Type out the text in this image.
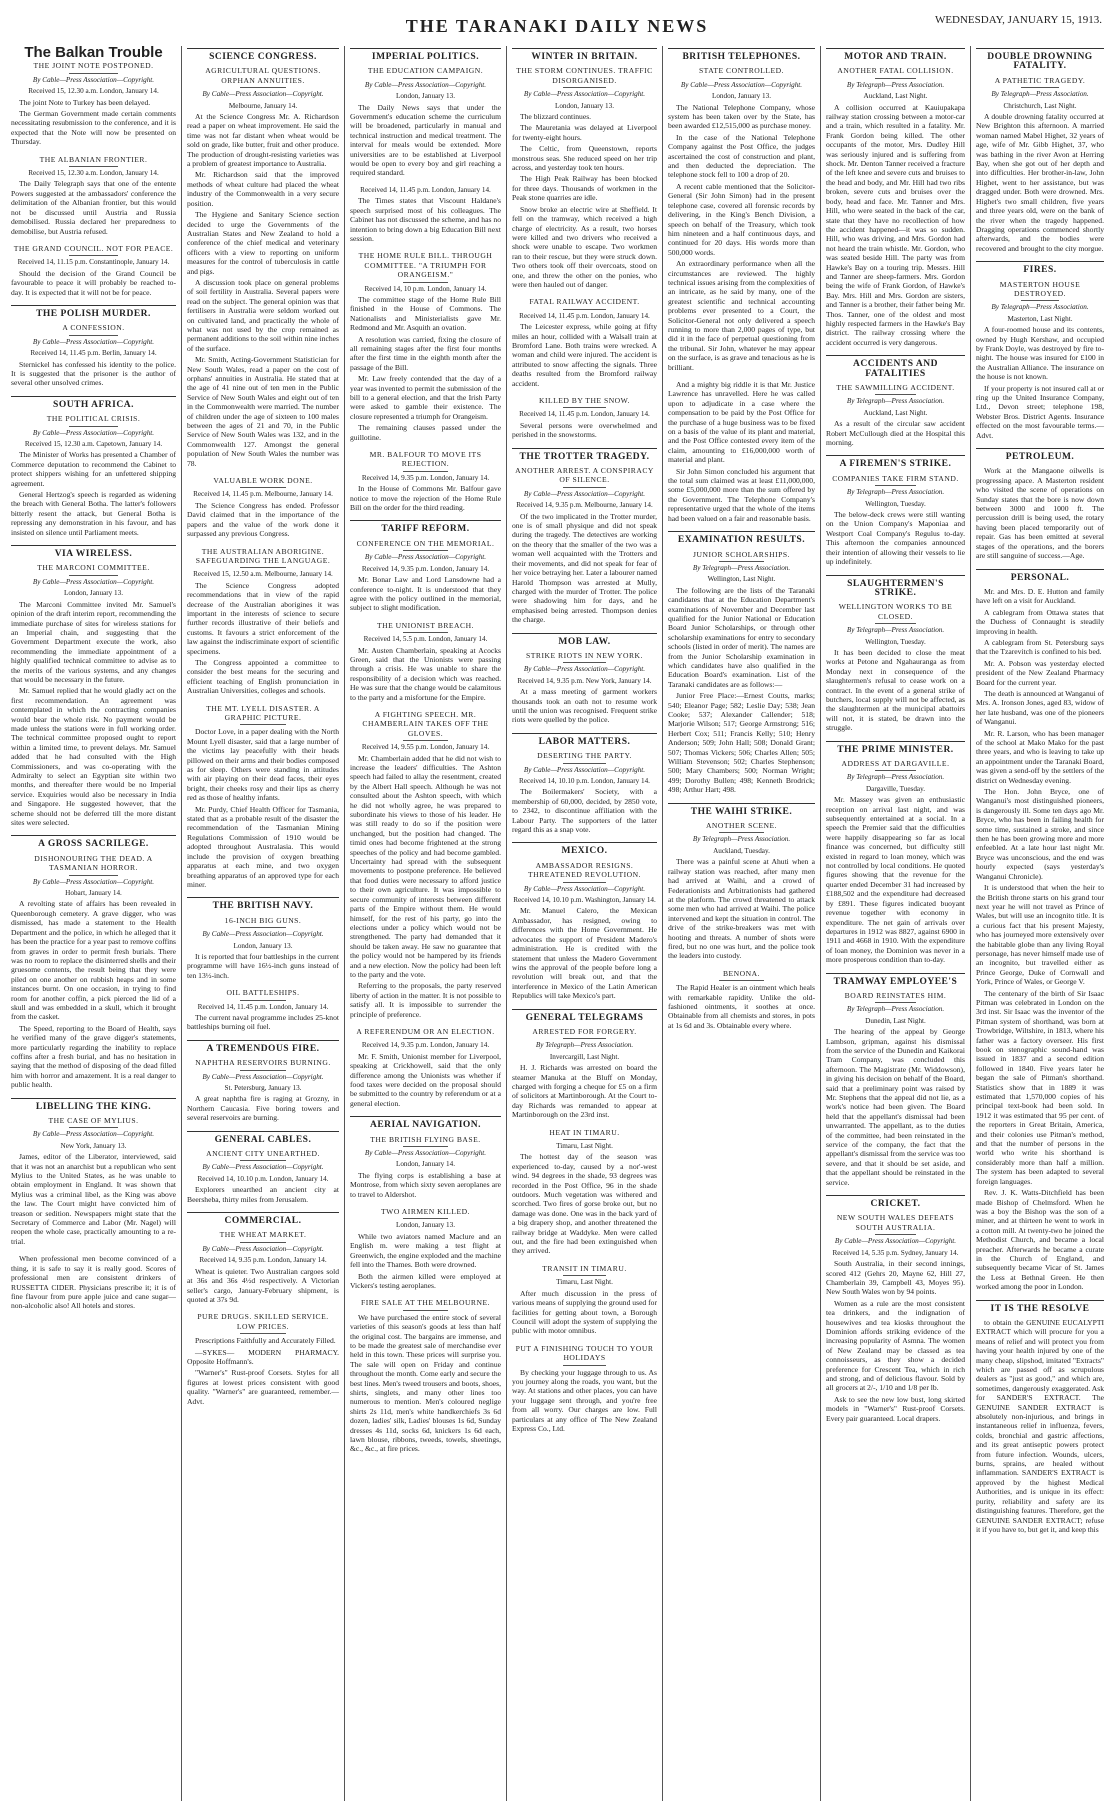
THE TARANAKI DAILY NEWS	WEDNESDAY, JANUARY 15, 1913.
The Balkan Trouble
THE JOINT NOTE POSTPONED.
By Cable—Press Association—Copyright.
Received 15, 12.30 a.m. London, January 14.

The joint Note to Turkey has been delayed.

The German Government made certain comments necessitating resubmission to the conference, and it is expected that the Note will now be presented on Thursday.

THE ALBANIAN FRONTIER.
Received 15, 12.30 a.m. London, January 14.

The Daily Telegraph says that one of the entente Powers suggested at the ambassadors' conference the delimitation of the Albanian frontier, but this would not be discussed until Austria and Russia demobilised. Russia declared her preparedness to demobilise, but Austria refused.

THE GRAND COUNCIL. NOT FOR PEACE.
Received 14, 11.15 p.m. Constantinople, January 14.

Should the decision of the Grand Council be favourable to peace it will probably be reached to-day. It is expected that it will not be for peace.

THE POLISH MURDER.
A CONFESSION.
By Cable—Press Association—Copyright.
Received 14, 11.45 p.m. Berlin, January 14.

Sternickel has confessed his identity to the police. It is suggested that the prisoner is the author of several other unsolved crimes.

SOUTH AFRICA.
THE POLITICAL CRISIS.
By Cable—Press Association—Copyright.
Received 15, 12.30 a.m. Capetown, January 14.

The Minister of Works has presented a Chamber of Commerce deputation to recommend the Cabinet to protect shippers wishing for an unfettered shipping agreement.

General Hertzog's speech is regarded as widening the breach with General Botha. The latter's followers bitterly resent the attack, but General Botha is repressing any demonstration in his favour, and has insisted on silence until Parliament meets.

VIA WIRELESS.
THE MARCONI COMMITTEE.
By Cable—Press Association—Copyright.
London, January 13.

The Marconi Committee invited Mr. Samuel's opinion of the draft interim report, recommending the immediate purchase of sites for wireless stations for an Imperial chain, and suggesting that the Government Department execute the work, also recommending the immediate appointment of a highly qualified technical committee to advise as to the merits of the various systems, and any changes that would be necessary in the future.

Mr. Samuel replied that he would gladly act on the first recommendation. An agreement was contemplated in which the contracting companies would bear the whole risk. No payment would be made unless the stations were in full working order. The technical committee proposed ought to report within a limited time, to prevent delays. Mr. Samuel added that he had consulted with the High Commissioners, and was co-operating with the Admiralty to select an Egyptian site within two months, and thereafter there would be no Imperial service. Exquiries would also be necessary in India and Singapore. He suggested however, that the scheme should not be deferred till the more distant sites were selected.

A GROSS SACRILEGE.
DISHONOURING THE DEAD. A TASMANIAN HORROR.
By Cable—Press Association—Copyright.
Hobart, January 14.

A revolting state of affairs has been revealed in Queenborough cemetery. A grave digger, who was dismissed, has made a statement to the Health Department and the police, in which he alleged that it has been the practice for a year past to remove coffins from graves in order to permit fresh burials. There was no room to replace the disinterred shells and their gruesome contents, the result being that they were piled on one another on rubbish heaps and in some instances burnt. On one occasion, in trying to find room for another coffin, a pick pierced the lid of a skull and was embedded in a skull, which it brought from the casket.

The Speed, reporting to the Board of Health, says he verified many of the grave digger's statements, more particularly regarding the inability to replace coffins after a fresh burial, and has no hesitation in saying that the method of disposing of the dead filled him with horror and amazement. It is a real danger to public health.

LIBELLING THE KING.
THE CASE OF MYLIUS.
By Cable—Press Association—Copyright.
New York, January 13.

James, editor of the Liberator, interviewed, said that it was not an anarchist but a republican who sent Mylius to the United States, as he was unable to obtain employment in England. It was shown that Mylius was a criminal libel, as the King was above the law. The Court might have convicted him of treason or sedition. Newspapers might state that the Secretary of Commerce and Labor (Mr. Nagel) will reopen the whole case, practically amounting to a re-trial.

When professional men become convinced of a thing, it is safe to say it is really good. Scores of professional men are consistent drinkers of RUSSETTA CIDER. Physicians prescribe it; it is of fine flavour from pure apple juice and cane sugar—non-alcoholic also! All hotels and stores.

SCIENCE CONGRESS.
AGRICULTURAL QUESTIONS. ORPHAN ANNUITIES.
By Cable—Press Association—Copyright.
Melbourne, January 14.

At the Science Congress Mr. A. Richardson read a paper on wheat improvement. He said the time was not far distant when wheat would be sold on grade, like butter, fruit and other produce. The production of drought-resisting varieties was a problem of greatest importance to Australia.

Mr. Richardson said that the improved methods of wheat culture had placed the wheat industry of the Commonwealth in a very secure position.

The Hygiene and Sanitary Science section decided to urge the Governments of the Australian States and New Zealand to hold a conference of the chief medical and veterinary officers with a view to reporting on uniform measures for the control of tuberculosis in cattle and pigs.

A discussion took place on general problems of soil fertility in Australia. Several papers were read on the subject. The general opinion was that fertilisers in Australia were seldom worked out on cultivated land, and practically the whole of what was not used by the crop remained as permanent additions to the soil within nine inches of the surface.

Mr. Smith, Acting-Government Statistician for New South Wales, read a paper on the cost of orphans' annuities in Australia. He stated that at the age of 41 nine out of ten men in the Public Service of New South Wales and eight out of ten in the Commonwealth were married. The number of children under the age of sixteen to 100 males between the ages of 21 and 70, in the Public Service of New South Wales was 132, and in the Commonwealth 127. Amongst the general population of New South Wales the number was 78.

VALUABLE WORK DONE.
Received 14, 11.45 p.m. Melbourne, January 14.

The Science Congress has ended. Professor David claimed that in the importance of the papers and the value of the work done it surpassed any previous Congress.

THE AUSTRALIAN ABORIGINE. SAFEGUARDING THE LANGUAGE.
Received 15, 12.50 a.m. Melbourne, January 14.

The Science Congress adopted recommendations that in view of the rapid decrease of the Australian aborigines it was important in the interests of science to secure further records illustrative of their beliefs and customs. It favours a strict enforcement of the law against the indiscriminate export of scientific specimens.

The Congress appointed a committee to consider the best means for the securing and efficient teaching of English pronunciation in Australian Universities, colleges and schools.

THE MT. LYELL DISASTER. A GRAPHIC PICTURE.

Doctor Love, in a paper dealing with the North Mount Lyell disaster, said that a large number of the victims lay peacefully with their heads pillowed on their arms and their bodies composed as for sleep. Others were standing in attitudes with air playing on their dead faces, their eyes bright, their cheeks rosy and their lips as cherry red as those of healthy infants.

Mr. Purdy, Chief Health Officer for Tasmania, stated that as a probable result of the disaster the recommendation of the Tasmanian Mining Regulations Commission of 1910 would be adopted throughout Australasia. This would include the provision of oxygen breathing apparatus at each mine, and two oxygen breathing apparatus of an approved type for each miner.

THE BRITISH NAVY.
16-INCH BIG GUNS.
By Cable—Press Association—Copyright.
London, January 13.

It is reported that four battleships in the current programme will have 16½-inch guns instead of ten 13½-inch.

OIL BATTLESHIPS.
Received 14, 11.45 p.m. London, January 14.

The current naval programme includes 25-knot battleships burning oil fuel.

A TREMENDOUS FIRE.
NAPHTHA RESERVOIRS BURNING.
By Cable—Press Association—Copyright.
St. Petersburg, January 13.

A great naphtha fire is raging at Grozny, in Northern Caucasia. Five boring towers and several reservoirs are burning.

GENERAL CABLES.
ANCIENT CITY UNEARTHED.
By Cable—Press Association—Copyright.
Received 14, 10.10 p.m. London, January 14.

Explorers unearthed an ancient city at Beersheba, thirty miles from Jerusalem.

COMMERCIAL.
THE WHEAT MARKET.
By Cable—Press Association—Copyright.
Received 14, 9.35 p.m. London, January 14.

Wheat is quieter. Two Australian cargoes sold at 36s and 36s 4½d respectively. A Victorian seller's cargo, January-February shipment, is quoted at 37s 9d.

PURE DRUGS. SKILLED SERVICE. LOW PRICES.

Prescriptions Faithfully and Accurately Filled.

—SYKES— MODERN PHARMACY. Opposite Hoffmann's.

"Warner's" Rust-proof Corsets. Styles for all figures at lowest prices consistent with good quality. "Warner's" are guaranteed, remember.—Advt.

IMPERIAL POLITICS.
THE EDUCATION CAMPAIGN.
By Cable—Press Association—Copyright.
London, January 13.

The Daily News says that under the Government's education scheme the curriculum will be broadened, particularly in manual and technical instruction and medical treatment. The interval for meals would be extended. More universities are to be established at Liverpool would be open to every boy and girl reaching a required standard.

Received 14, 11.45 p.m. London, January 14.

The Times states that Viscount Haldane's speech surprised most of his colleagues. The Cabinet has not discussed the scheme, and has no intention to bring down a big Education Bill next session.

THE HOME RULE BILL. THROUGH COMMITTEE. "A TRIUMPH FOR ORANGEISM."
Received 14, 10 p.m. London, January 14.

The committee stage of the Home Rule Bill finished in the House of Commons. The Nationalists and Ministerialists gave Mr. Redmond and Mr. Asquith an ovation.

A resolution was carried, fixing the closure of all remaining stages after the first four months after the first time in the eighth month after the passage of the Bill.

Mr. Law freely contended that the day of a year was invented to permit the submission of the bill to a general election, and that the Irish Party were asked to gamble their existence. The closure represented a triumph for Orangeism.

The remaining clauses passed under the guillotine.

MR. BALFOUR TO MOVE ITS REJECTION.
Received 14, 9.35 p.m. London, January 14.

In the House of Commons Mr. Balfour gave notice to move the rejection of the Home Rule Bill on the order for the third reading.

TARIFF REFORM.
CONFERENCE ON THE MEMORIAL.
By Cable—Press Association—Copyright.
Received 14, 9.35 p.m. London, January 14.

Mr. Bonar Law and Lord Lansdowne had a conference to-night. It is understood that they agree with the policy outlined in the memorial, subject to slight modification.

THE UNIONIST BREACH.
Received 14, 5.5 p.m. London, January 14.

Mr. Austen Chamberlain, speaking at Acocks Green, said that the Unionists were passing through a crisis. He was unable to share the responsibility of a decision which was reached. He was sure that the change would be calamitous to the party and a misfortune for the Empire.

A FIGHTING SPEECH. MR. CHAMBERLAIN TAKES OFF THE GLOVES.
Received 14, 9.55 p.m. London, January 14.

Mr. Chamberlain added that he did not wish to increase the leaders' difficulties. The Ashton speech had failed to allay the resentment, created by the Albert Hall speech. Although he was not consulted about the Ashton speech, with which he did not wholly agree, he was prepared to subordinate his views to those of his leader. He was still ready to do so if the position were unchanged, but the position had changed. The timid ones had become frightened at the strong speeches of the policy and had become gambled. Uncertainty had spread with the subsequent movements to postpone preference. He believed that food duties were necessary to afford justice to their own agriculture. It was impossible to secure community of interests between different parts of the Empire without them. He would himself, for the rest of his party, go into the elections under a policy which would not be strengthened. The party had demanded that it should be taken away. He saw no guarantee that the policy would not be hampered by its friends and a new election. Now the policy had been left to the party and the vote.

Referring to the proposals, the party reserved liberty of action in the matter. It is not possible to satisfy all. It is impossible to surrender the principle of preference.

A REFERENDUM OR AN ELECTION.
Received 14, 9.35 p.m. London, January 14.

Mr. F. Smith, Unionist member for Liverpool, speaking at Crickhowell, said that the only difference among the Unionists was whether if food taxes were decided on the proposal should be submitted to the country by referendum or at a general election.

AERIAL NAVIGATION.
THE BRITISH FLYING BASE.
By Cable—Press Association—Copyright.
London, January 14.

The flying corps is establishing a base at Montrose, from which sixty seven aeroplanes are to travel to Aldershot.

TWO AIRMEN KILLED.
London, January 13.

While two aviators named Maclure and an English m. were making a test flight at Greenwich, the engine exploded and the machine fell into the Thames. Both were drowned.

Both the airmen killed were employed at Vickers's testing aeroplanes.

FIRE SALE AT THE MELBOURNE.

We have purchased the entire stock of several varieties of this season's goods at less than half the original cost. The bargains are immense, and to be made the greatest sale of merchandise ever held in this town. These prices will surprise you. The sale will open on Friday and continue throughout the month. Come early and secure the best lines. Men's tweed trousers and boots, shoes, shirts, singlets, and many other lines too numerous to mention. Men's coloured neglige shirts 2s 11d, men's white handkerchiefs 3s 6d dozen, ladies' silk, Ladies' blouses 1s 6d, Sunday dresses 4s 11d, socks 6d, knickers 1s 6d each, lawn blouse, ribbons, tweeds, towels, sheetings, &c., &c., at fire prices.

WINTER IN BRITAIN.
THE STORM CONTINUES. TRAFFIC DISORGANISED.
By Cable—Press Association—Copyright.
London, January 13.

The blizzard continues.

The Mauretania was delayed at Liverpool for twenty-eight hours.

The Celtic, from Queenstown, reports monstrous seas. She reduced speed on her trip across, and yesterday took ten hours.

The High Peak Railway has been blocked for three days. Thousands of workmen in the Peak stone quarries are idle.

Snow broke an electric wire at Sheffield. It fell on the tramway, which received a high charge of electricity. As a result, two horses were killed and two drivers who received a shock were unable to escape. Two workmen ran to their rescue, but they were struck down. Two others took off their overcoats, stood on one, and threw the other on the ponies, who were then hauled out of danger.

FATAL RAILWAY ACCIDENT.
Received 14, 11.45 p.m. London, January 14.

The Leicester express, while going at fifty miles an hour, collided with a Walsall train at Bromford Lane. Both trains were wrecked. A woman and child were injured. The accident is attributed to snow affecting the signals. Three deaths resulted from the Bromford railway accident.

KILLED BY THE SNOW.
Received 14, 11.45 p.m. London, January 14.

Several persons were overwhelmed and perished in the snowstorms.

THE TROTTER TRAGEDY.
ANOTHER ARREST. A CONSPIRACY OF SILENCE.
By Cable—Press Association—Copyright.
Received 14, 9.35 p.m. Melbourne, January 14.

Of the two implicated in the Trotter murder, one is of small physique and did not speak during the tragedy. The detectives are working on the theory that the smaller of the two was a woman well acquainted with the Trotters and their movements, and did not speak for fear of her voice betraying her. Later a labourer named Harold Thompson was arrested at Mully, charged with the murder of Trotter. The police were shadowing him for days, and he emphasised being arrested. Thompson denies the charge.

MOB LAW.
STRIKE RIOTS IN NEW YORK.
By Cable—Press Association—Copyright.
Received 14, 9.35 p.m. New York, January 14.

At a mass meeting of garment workers thousands took an oath not to resume work until the union was recognised. Frequent strike riots were quelled by the police.

LABOR MATTERS.
DESERTING THE PARTY.
By Cable—Press Association—Copyright.
Received 14, 10.10 p.m. London, January 14.

The Boilermakers' Society, with a membership of 60,000, decided, by 2850 vote, to 2342, to discontinue affiliation with the Labour Party. The supporters of the latter regard this as a snap vote.

MEXICO.
AMBASSADOR RESIGNS. THREATENED REVOLUTION.
By Cable—Press Association—Copyright.
Received 14, 10.10 p.m. Washington, January 14.

Mr. Manuel Calero, the Mexican Ambassador, has resigned, owing to differences with the Home Government. He advocates the support of President Madero's administration. He is credited with the statement that unless the Madero Government wins the approval of the people before long a revolution will break out, and that the interference in Mexico of the Latin American Republics will take Mexico's part.

GENERAL TELEGRAMS
ARRESTED FOR FORGERY.
By Telegraph—Press Association.
Invercargill, Last Night.

H. J. Richards was arrested on board the steamer Manuka at the Bluff on Monday, charged with forging a cheque for £5 on a firm of solicitors at Martinborough. At the Court to-day Richards was remanded to appear at Martinborough on the 23rd inst.

HEAT IN TIMARU.
Timaru, Last Night.

The hottest day of the season was experienced to-day, caused by a nor'-west wind. 94 degrees in the shade, 93 degrees was recorded in the Post Office, 96 in the shade outdoors. Much vegetation was withered and scorched. Two fires of gorse broke out, but no damage was done. One was in the back yard of a big drapery shop, and another threatened the railway bridge at Waddyke. Men were called out, and the fire had been extinguished when they arrived.

TRANSIT IN TIMARU.
Timaru, Last Night.

After much discussion in the press of various means of supplying the ground used for facilities for getting about town, a Borough Council will adopt the system of supplying the public with motor omnibus.

PUT A FINISHING TOUCH TO YOUR HOLIDAYS

By checking your luggage through to us. As you journey along the roads, you want, but the way. At stations and other places, you can have your luggage sent through, and you're free from all worry. Our charges are low. Full particulars at any office of The New Zealand Express Co., Ltd.

BRITISH TELEPHONES.
STATE CONTROLLED.
By Cable—Press Association—Copyright.
London, January 13.

The National Telephone Company, whose system has been taken over by the State, has been awarded £12,515,000 as purchase money.

In the case of the National Telephone Company against the Post Office, the judges ascertained the cost of construction and plant, and then deducted the depreciation. The telephone stock fell to 100 a drop of 20.

A recent cable mentioned that the Solicitor-General (Sir John Simon) had in the present telephone case, covered all forensic records by delivering, in the King's Bench Division, a speech on behalf of the Treasury, which took him nineteen and a half continuous days, and continued for 20 days. His words more than 500,000 words.

An extraordinary performance when all the circumstances are reviewed. The highly technical issues arising from the complexities of an intricate, as he said by many, one of the greatest scientific and technical accounting problems ever presented to a Court, the Solicitor-General not only delivered a speech running to more than 2,000 pages of type, but did it in the face of perpetual questioning from the tribunal. Sir John, whatever he may appear on the surface, is as grave and tenacious as he is brilliant.

And a mighty big riddle it is that Mr. Justice Lawrence has unravelled. Here he was called upon to adjudicate in a case where the compensation to be paid by the Post Office for the purchase of a huge business was to be fixed on a basis of the value of its plant and material, and the Post Office contested every item of the claim, amounting to £16,000,000 worth of material and plant.

Sir John Simon concluded his argument that the total sum claimed was at least £11,000,000, some £5,000,000 more than the sum offered by the Government. The Telephone Company's representative urged that the whole of the items had been valued on a fair and reasonable basis.

EXAMINATION RESULTS.
JUNIOR SCHOLARSHIPS.
By Telegraph—Press Association.
Wellington, Last Night.

The following are the lists of the Taranaki candidates that at the Education Department's examinations of November and December last qualified for the Junior National or Education Board Junior Scholarships, or through other scholarship examinations for entry to secondary schools (listed in order of merit). The names are from the Junior Scholarship examination in which candidates have also qualified in the Education Board's examination. List of the Taranaki candidates are as follows:—

Junior Free Place:—Ernest Coutts, marks; 540; Eleanor Page; 582; Leslie Day; 538; Jean Cooke; 537; Alexander Callender; 518; Marjorie Wilson; 517; George Armstrong; 516; Herbert Cox; 511; Francis Kelly; 510; Henry Anderson; 509; John Hall; 508; Donald Grant; 507; Thomas Vickers; 506; Charles Allen; 505; William Stevenson; 502; Charles Stephenson; 500; Mary Chambers; 500; Norman Wright; 499; Dorothy Bullen; 498; Kenneth Brodrick; 498; Arthur Hart; 498.

THE WAIHI STRIKE.
ANOTHER SCENE.
By Telegraph—Press Association.
Auckland, Tuesday.

There was a painful scene at Ahuti when a railway station was reached, after many men had arrived at Waihi, and a crowd of Federationists and Arbitrationists had gathered at the platform. The crowd threatened to attack some men who had arrived at Waihi. The police intervened and kept the situation in control. The drive of the strike-breakers was met with hooting and threats. A number of shots were fired, but no one was hurt, and the police took the leaders into custody.

BENONA.

The Rapid Healer is an ointment which heals with remarkable rapidity. Unlike the old-fashioned ointments, it soothes at once. Obtainable from all chemists and stores, in pots at 1s 6d and 3s. Obtainable every where.

MOTOR AND TRAIN.
ANOTHER FATAL COLLISION.
By Telegraph—Press Association.
Auckland, Last Night.

A collision occurred at Kauiupakapa railway station crossing between a motor-car and a train, which resulted in a fatality. Mr. Frank Gordon being killed. The other occupants of the motor, Mrs. Dudley Hill was seriously injured and is suffering from shock. Mr. Denton Tanner received a fracture of the left knee and severe cuts and bruises to the head and body, and Mr. Hill had two ribs broken, severe cuts and bruises over the body, head and face. Mr. Tanner and Mrs. Hill, who were seated in the back of the car, state that they have no recollection of how the accident happened—it was so sudden. Hill, who was driving, and Mrs. Gordon had not heard the train whistle. Mr. Gordon, who was seated beside Hill. The party was from Hawke's Bay on a touring trip. Messrs. Hill and Tanner are sheep-farmers. Mrs. Gordon being the wife of Frank Gordon, of Hawke's Bay. Mrs. Hill and Mrs. Gordon are sisters, and Tanner is a brother, their father being Mr. Thos. Tanner, one of the oldest and most highly respected farmers in the Hawke's Bay district. The railway crossing where the accident occurred is very dangerous.

ACCIDENTS AND FATALITIES
THE SAWMILLING ACCIDENT.
By Telegraph—Press Association.
Auckland, Last Night.

As a result of the circular saw accident Robert McCullough died at the Hospital this morning.

A FIREMEN'S STRIKE.
COMPANIES TAKE FIRM STAND.
By Telegraph—Press Association.
Wellington, Tuesday.

The below-deck crews were still wanting on the Union Company's Maponiaa and Westport Coal Company's Regulus to-day. This afternoon the companies announced their intention of allowing their vessels to lie up indefinitely.

SLAUGHTERMEN'S STRIKE.
WELLINGTON WORKS TO BE CLOSED.
By Telegraph—Press Association.
Wellington, Tuesday.

It has been decided to close the meat works at Petone and Ngahauranga as from Monday next in consequence of the slaughtermen's refusal to cease work on a contract. In the event of a general strike of butchers, local supply will not be affected, as the slaughtermen at the municipal abattoirs will not, it is stated, be drawn into the struggle.

THE PRIME MINISTER.
ADDRESS AT DARGAVILLE.
By Telegraph—Press Association.
Dargaville, Tuesday.

Mr. Massey was given an enthusiastic reception on arrival last night, and was subsequently entertained at a social. In a speech the Premier said that the difficulties were happily disappearing so far as local finance was concerned, but difficulty still existed in regard to loan money, which was not controlled by local conditions. He quoted figures showing that the revenue for the quarter ended December 31 had increased by £188,502 and the expenditure had decreased by £891. These figures indicated buoyant revenue together with economy in expenditure. The net gain of arrivals over departures in 1912 was 8827, against 6900 in 1911 and 4668 in 1910. With the expenditure of loan money, the Dominion was never in a more prosperous condition than to-day.

TRAMWAY EMPLOYEE'S
BOARD REINSTATES HIM.
By Telegraph—Press Association.
Dunedin, Last Night.

The hearing of the appeal by George Lambson, gripman, against his dismissal from the service of the Dunedin and Kaikorai Tram Company, was concluded this afternoon. The Magistrate (Mr. Widdowson), in giving his decision on behalf of the Board, said that a preliminary point was raised by Mr. Stephens that the appeal did not lie, as a work's notice had been given. The Board held that the appellant's dismissal had been unwarranted. The appellant, as to the duties of the committee, had been reinstated in the service of the company, the fact that the appellant's dismissal from the service was too severe, and that it should be set aside, and that the appellant should be reinstated in the service.

CRICKET.
NEW SOUTH WALES DEFEATS SOUTH AUSTRALIA.
By Cable—Press Association—Copyright.
Received 14, 5.35 p.m. Sydney, January 14.

South Australia, in their second innings, scored 412 (Gehrs 20, Mayne 62, Hill 27, Chamberlain 39, Campbell 43, Moyes 95). New South Wales won by 94 points.

Women as a rule are the most consistent tea drinkers, and the indignation of housewives and tea kiosks throughout the Dominion affords striking evidence of the increasing popularity of Asmna. The women of New Zealand may be classed as tea connoisseurs, as they show a decided preference for Crescent Tea, which in rich and strong, and of delicious flavour. Sold by all grocers at 2/-, 1/10 and 1/8 per lb.

Ask to see the new low bust, long skirted models in "Warner's" Rust-proof Corsets. Every pair guaranteed. Local drapers.

DOUBLE DROWNING FATALITY.
A PATHETIC TRAGEDY.
By Telegraph—Press Association.
Christchurch, Last Night.

A double drowning fatality occurred at New Brighton this afternoon. A married woman named Mabel Highet, 32 years of age, wife of Mr. Gibb Highet, 37, who was bathing in the river Avon at Herring Bay, when she got out of her depth and into difficulties. Her brother-in-law, John Highet, went to her assistance, but was dragged under. Both were drowned. Mrs. Highet's two small children, five years and three years old, were on the bank of the river when the tragedy happened. Dragging operations commenced shortly afterwards, and the bodies were recovered and brought to the city morgue.

FIRES.
MASTERTON HOUSE DESTROYED.
By Telegraph—Press Association.
Masterton, Last Night.

A four-roomed house and its contents, owned by Hugh Kershaw, and occupied by Frank Doyle, was destroyed by fire to-night. The house was insured for £100 in the Australian Alliance. The insurance on the house is not known.

If your property is not insured call at or ring up the United Insurance Company, Ltd., Devon street; telephone 198, Webster Bros. District Agents. Insurance effected on the most favourable terms.—Advt.

PETROLEUM.

Work at the Mangaone oilwells is progressing apace. A Masterton resident who visited the scene of operations on Sunday states that the bore is now down between 3000 and 1000 ft. The percussion drill is being used, the rotary having been placed temporarily out of repair. Gas has been emitted at several stages of the operations, and the borers are still sanguine of success.—Age.

PERSONAL.

Mr. and Mrs. D. E. Hutton and family have left on a visit for Auckland.

A cablegram from Ottawa states that the Duchess of Connaught is steadily improving in health.

A cablegram from St. Petersburg says that the Tzarevitch is confined to his bed.

Mr. A. Pobson was yesterday elected president of the New Zealand Pharmacy Board for the current year.

The death is announced at Wanganui of Mrs. A. Ironson Jones, aged 83, widow of her late husband, was one of the pioneers of Wanganui.

Mr. R. Larson, who has been manager of the school at Mako Mako for the past three years, and who is leaving to take up an appointment under the Taranaki Board, was given a send-off by the settlers of the district on Wednesday evening.

The Hon. John Bryce, one of Wanganui's most distinguished pioneers, is dangerously ill. Some ten days ago Mr. Bryce, who has been in failing health for some time, sustained a stroke, and since then he has been growing more and more enfeebled. At a late hour last night Mr. Bryce was unconscious, and the end was hourly expected (says yesterday's Wanganui Chronicle).

It is understood that when the heir to the British throne starts on his grand tour next year he will not travel as Prince of Wales, but will use an incognito title. It is a curious fact that his present Majesty, who has journeyed more extensively over the habitable globe than any living Royal personage, has never himself made use of an incognito, but travelled either as Prince George, Duke of Cornwall and York, Prince of Wales, or George V.

The centenary of the birth of Sir Isaac Pitman was celebrated in London on the 3rd inst. Sir Isaac was the inventor of the Pitman system of shorthand, was born at Trowbridge, Wiltshire, in 1813, where his father was a factory overseer. His first book on stenographic sound-hand was issued in 1837 and a second edition followed in 1840. Five years later he began the sale of Pitman's shorthand. Statistics show that in 1889 it was estimated that 1,570,000 copies of his principal text-book had been sold. In 1912 it was estimated that 95 per cent. of the reporters in Great Britain, America, and their colonies use Pitman's method, and that the number of persons in the world who write his shorthand is considerably more than half a million. The system has been adapted to several foreign languages.

Rev. J. K. Watts-Ditchfield has been made Bishop of Chelmsford. When he was a boy the Bishop was the son of a miner, and at thirteen he went to work in a cotton mill. At twenty-two he joined the Methodist Church, and became a local preacher. Afterwards he became a curate in the Church of England, and subsequently became Vicar of St. James the Less at Bethnal Green. He then worked among the poor in London.

IT IS THE RESOLVE

to obtain the GENUINE EUCALYPTI EXTRACT which will procure for you a means of relief and will protect you from having your health injured by one of the many cheap, slipshod, imitated "Extracts" which are passed off as scrupulous dealers as "just as good," and which are, sometimes, dangerously exaggerated. Ask for SANDER'S EXTRACT. The GENUINE SANDER EXTRACT is absolutely non-injurious, and brings in instantaneous relief in influenza, fevers, colds, bronchial and gastric affections, and its great antiseptic powers protect from future infection. Wounds, ulcers, burns, sprains, are healed without inflammation. SANDER'S EXTRACT is approved by the highest Medical Authorities, and is unique in its effect: purity, reliability and safety are its distinguishing features. Therefore, get the GENUINE SANDER EXTRACT; refuse it if you have to, but get it, and keep this
